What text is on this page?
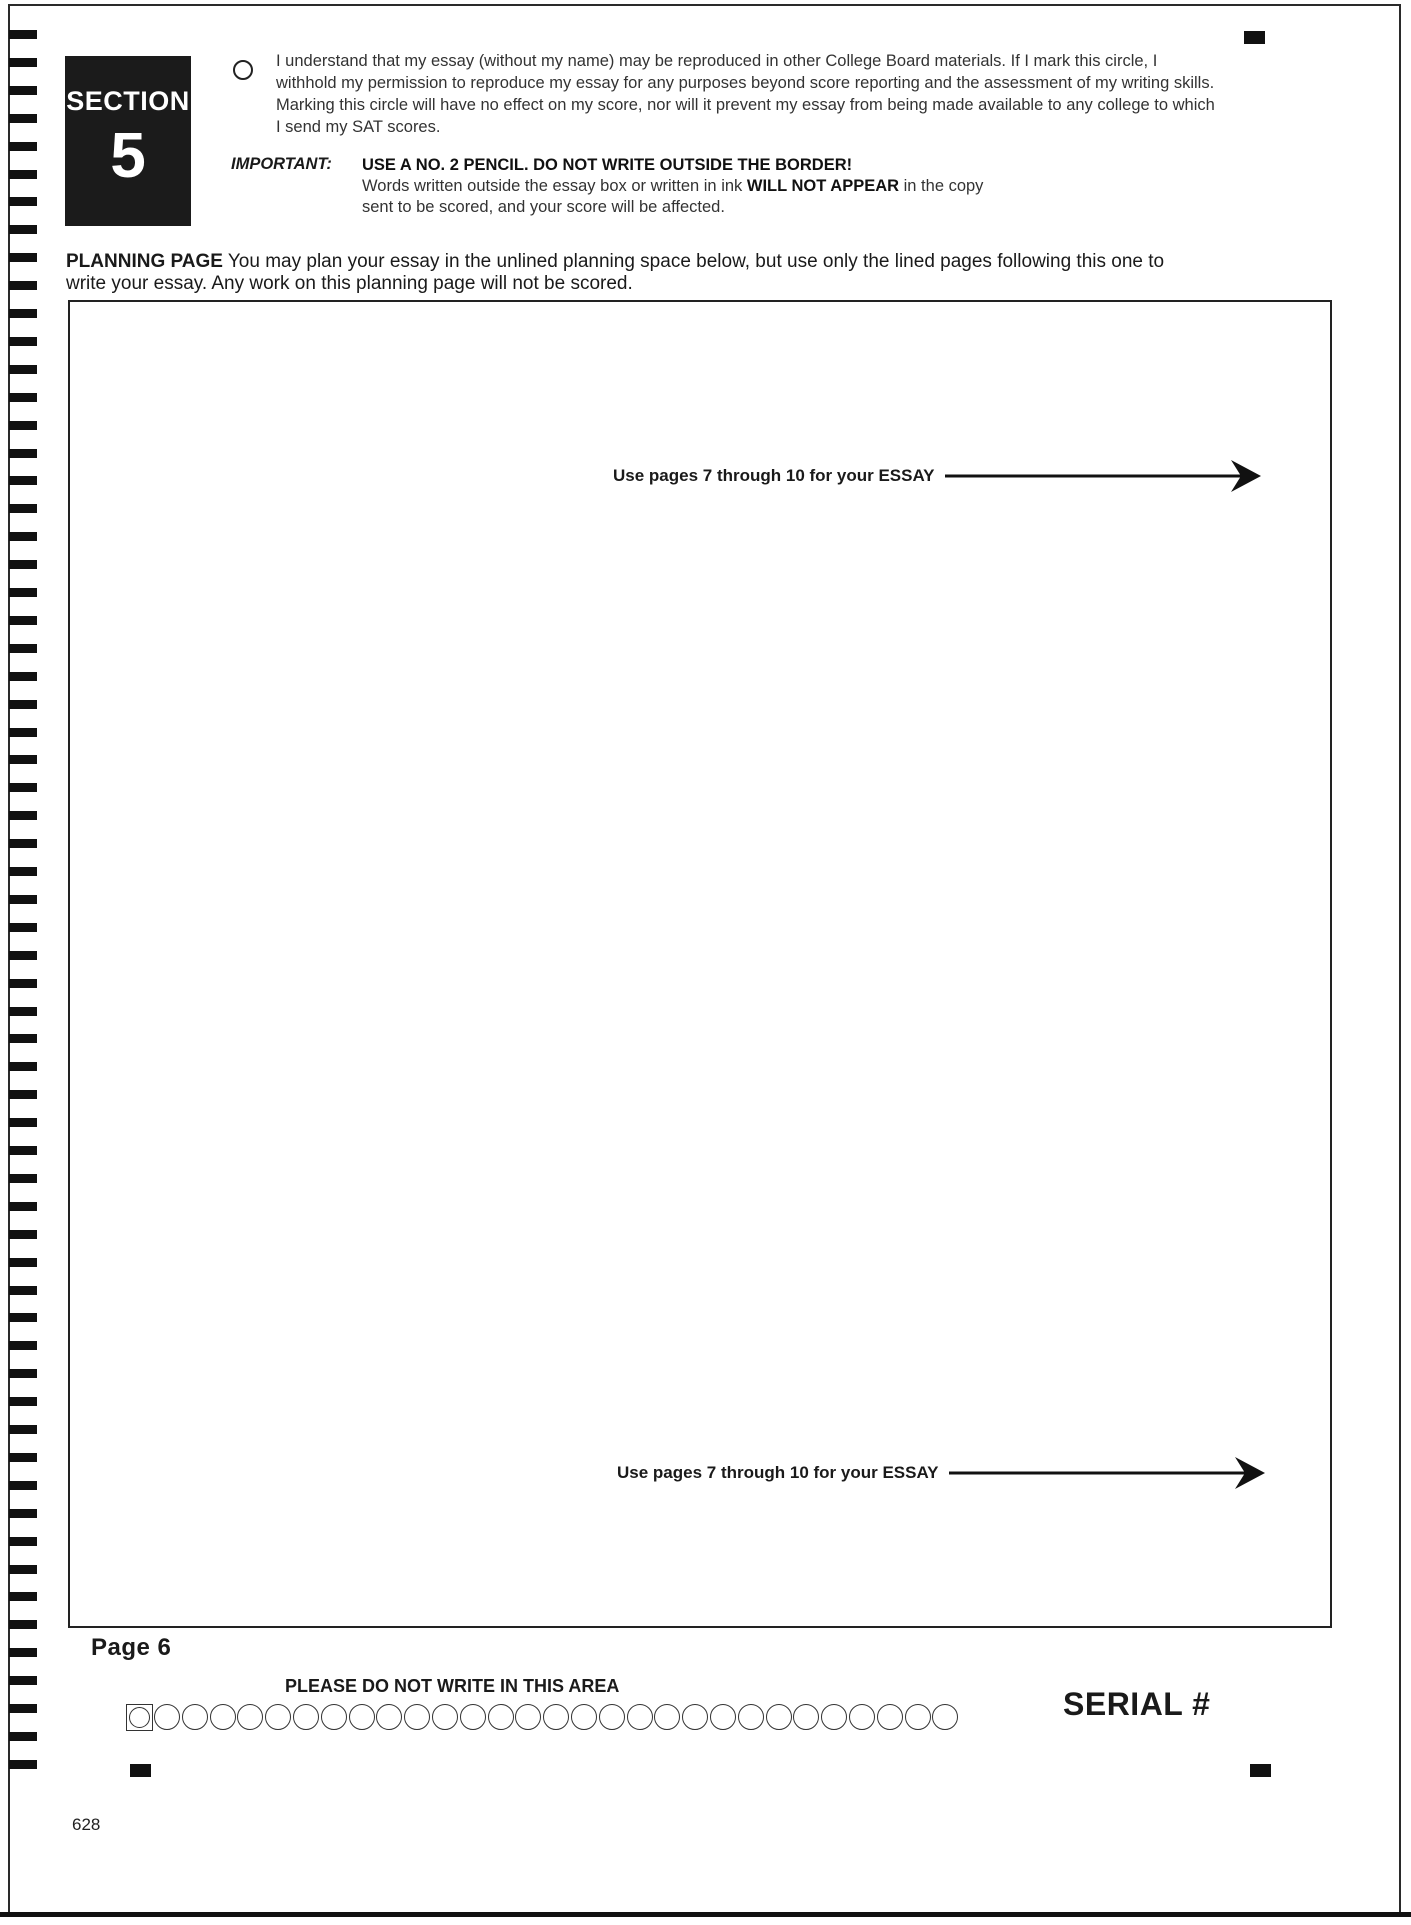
SECTION
5
I understand that my essay (without my name) may be reproduced in other College Board materials. If I mark this circle, I withhold my permission to reproduce my essay for any purposes beyond score reporting and the assessment of my writing skills. Marking this circle will have no effect on my score, nor will it prevent my essay from being made available to any college to which I send my SAT scores.
IMPORTANT: USE A NO. 2 PENCIL. DO NOT WRITE OUTSIDE THE BORDER!
Words written outside the essay box or written in ink WILL NOT APPEAR in the copy
sent to be scored, and your score will be affected.
PLANNING PAGE You may plan your essay in the unlined planning space below, but use only the lined pages following this one to write your essay. Any work on this planning page will not be scored.
Use pages 7 through 10 for your ESSAY
Use pages 7 through 10 for your ESSAY
Page 6
PLEASE DO NOT WRITE IN THIS AREA	SERIAL #
628
